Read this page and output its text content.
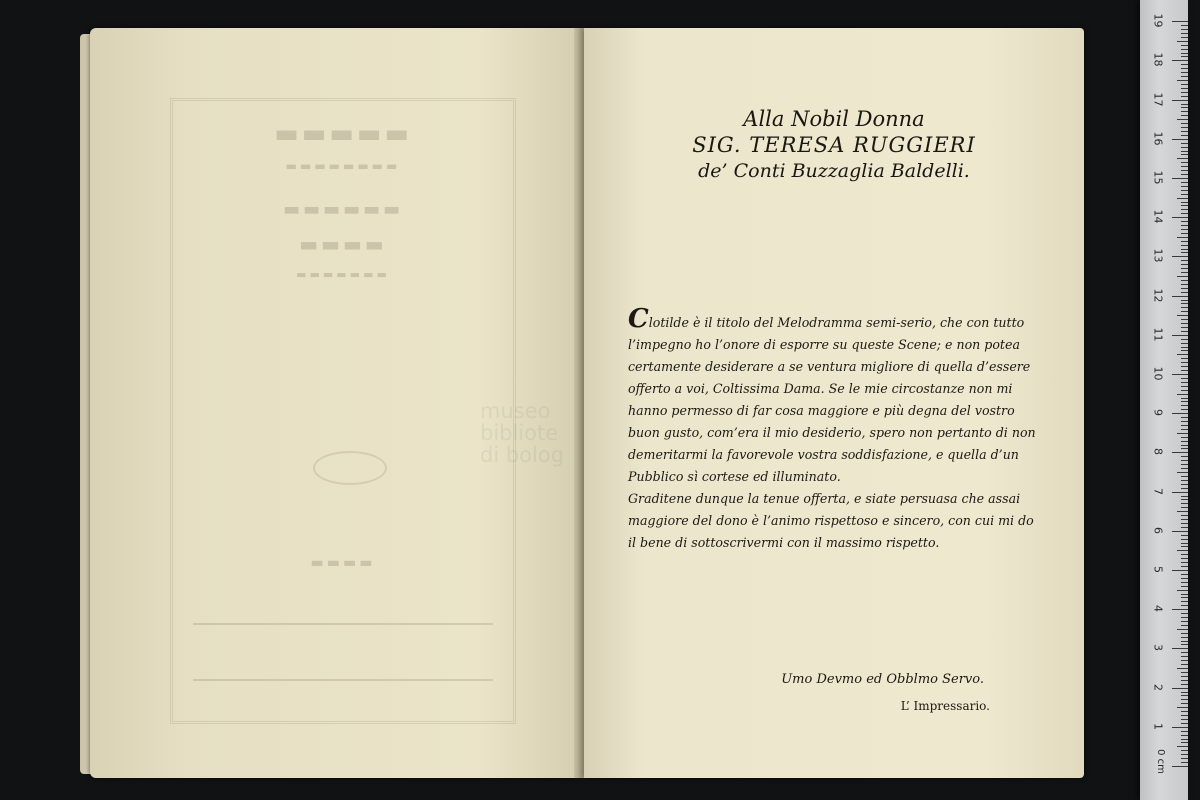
▬▬▬▬▬
▬▬▬▬▬▬▬▬
▬▬▬▬▬▬
▬▬▬▬
▬▬▬▬▬▬▬
▬▬▬▬
Alla Nobil Donna
SIG. TERESA RUGGIERI
de’ Conti Buzzaglia Baldelli.

Clotilde è il titolo del Melodramma semi-serio, che con tutto l’impegno ho l’onore di esporre su queste Scene; e non potea certamente desiderare a se ventura migliore di quella d’essere offerto a voi, Coltissima Dama. Se le mie circostanze non mi hanno permesso di far cosa maggiore e più degna del vostro buon gusto, com’era il mio desiderio, spero non pertanto di non demeritarmi la favorevole vostra soddisfazione, e quella d’un Pubblico sì cortese ed illuminato.

Graditene dunque la tenue offerta, e siate persuasa che assai maggiore del dono è l’animo rispettoso e sincero, con cui mi do il bene di sottoscrivermi con il massimo rispetto.

Umo Devmo ed Obblmo Servo.
L’ Impressario.
museo
bibliote
di bolog
0 cm
1
2
3
4
5
6
7
8
9
10
11
12
13
14
15
16
17
18
19
